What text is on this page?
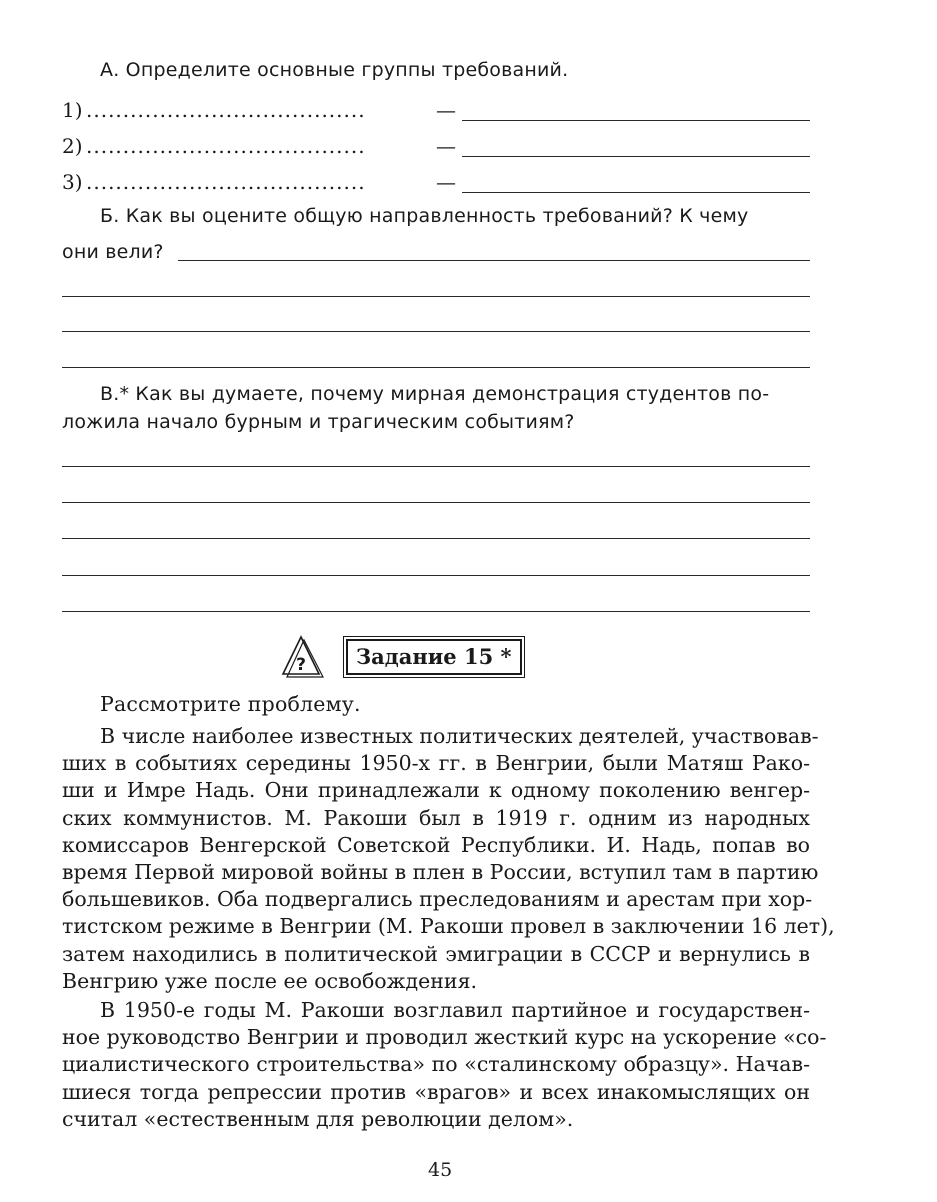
А. Определите основные группы требований.
1) ......................................	—
2) ......................................	—
3) ......................................	—
Б. Как вы оцените общую направленность требований? К чему
они вели?
В.* Как вы думаете, почему мирная демонстрация студентов по-
ложила начало бурным и трагическим событиям?
?	Задание 15 *
Рассмотрите проблему.
В числе наиболее известных политических деятелей, участвовав-
ших в событиях середины 1950-х гг. в Венгрии, были Матяш Рако-
ши и Имре Надь. Они принадлежали к одному поколению венгер-
ских коммунистов. М. Ракоши был в 1919 г. одним из народных
комиссаров Венгерской Советской Республики. И. Надь, попав во
время Первой мировой войны в плен в России, вступил там в партию
большевиков. Оба подвергались преследованиям и арестам при хор-
тистском режиме в Венгрии (М. Ракоши провел в заключении 16 лет),
затем находились в политической эмиграции в СССР и вернулись в
Венгрию уже после ее освобождения.
В 1950-е годы М. Ракоши возглавил партийное и государствен-
ное руководство Венгрии и проводил жесткий курс на ускорение «со-
циалистического строительства» по «сталинскому образцу». Начав-
шиеся тогда репрессии против «врагов» и всех инакомыслящих он
считал «естественным для революции делом».
45
